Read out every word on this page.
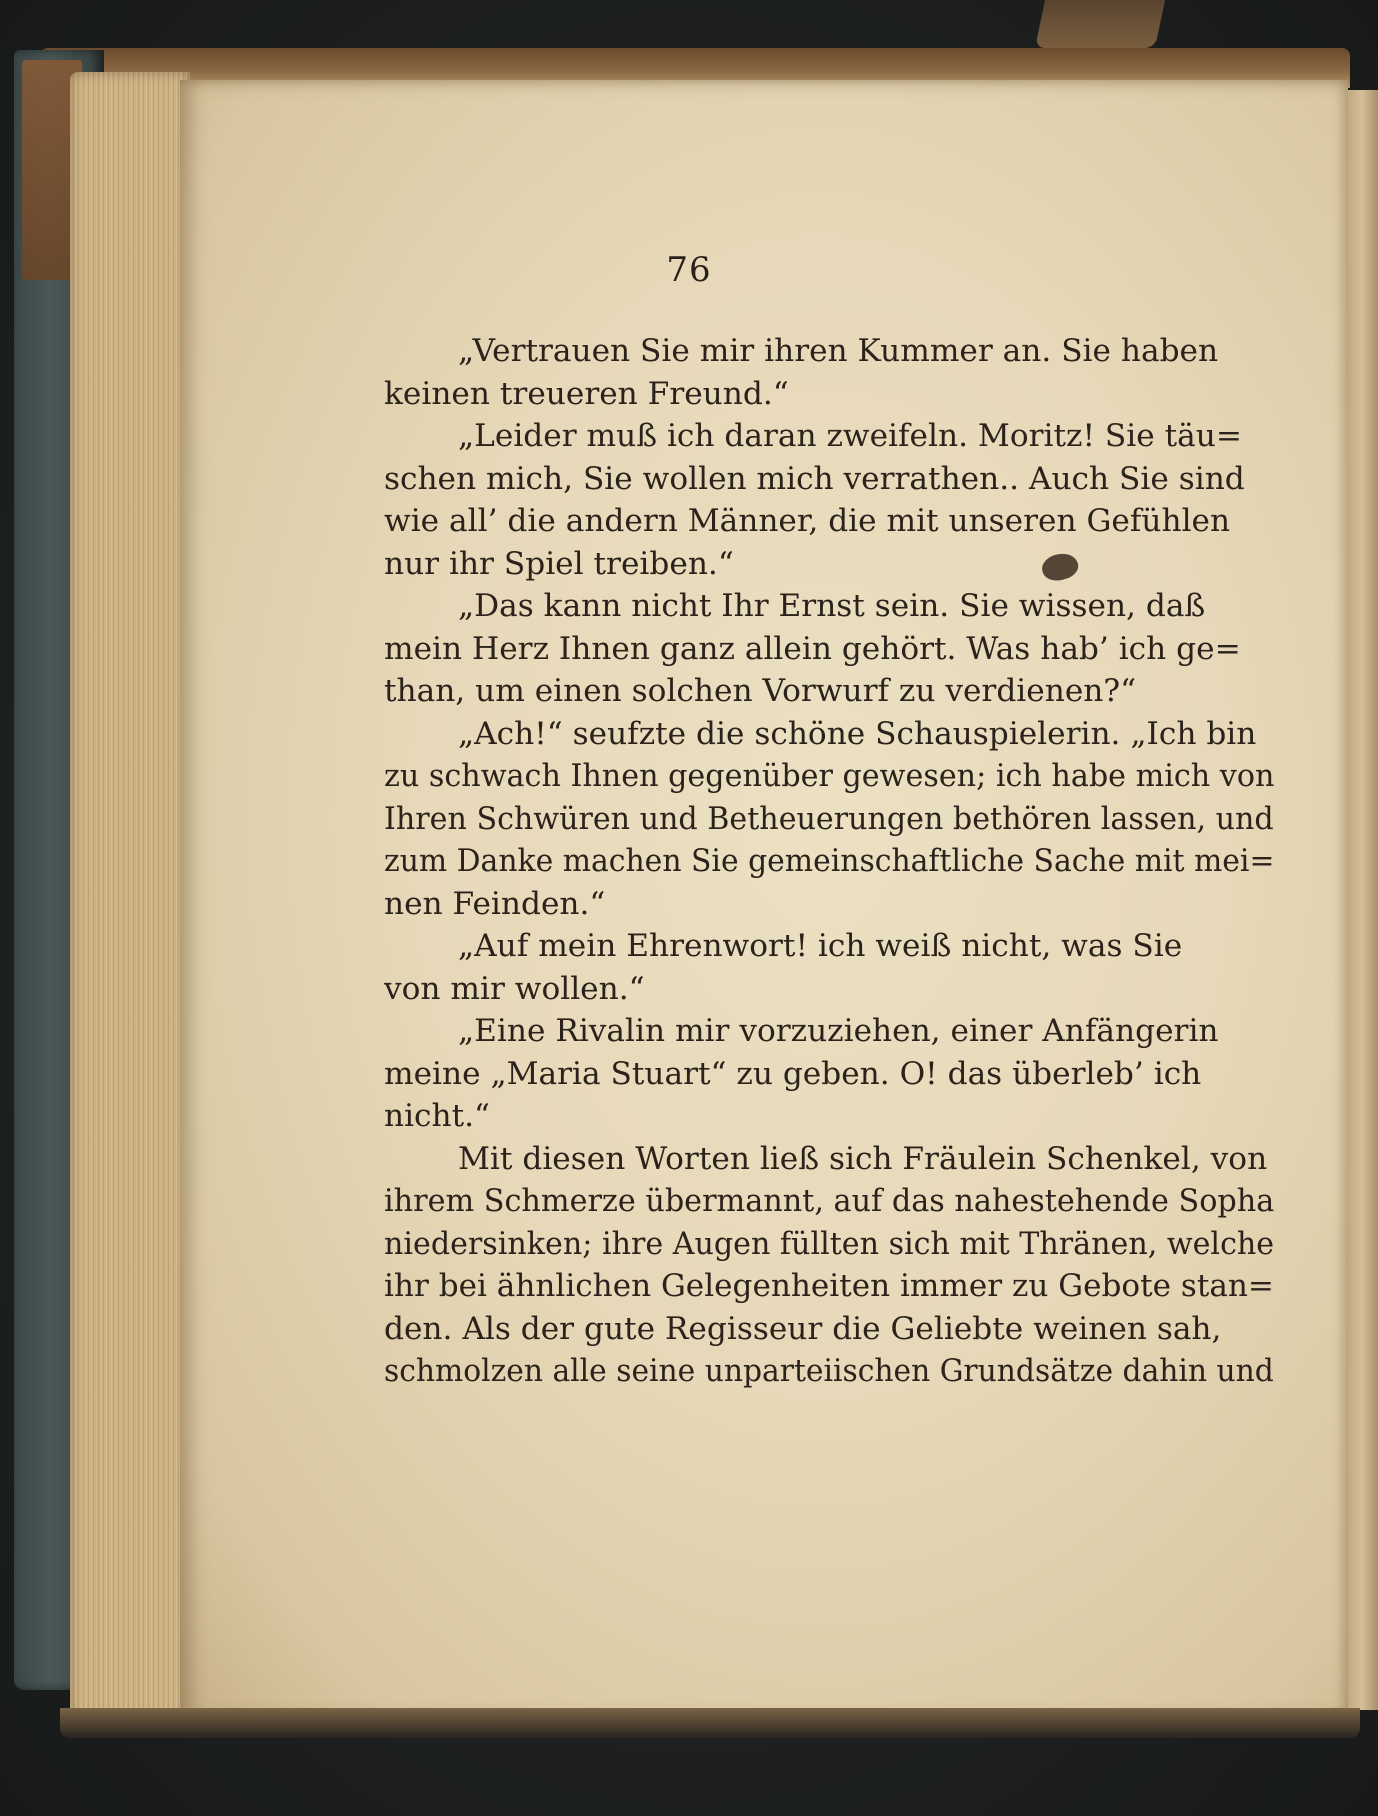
76
„Vertrauen Sie mir ihren Kummer an. Sie haben
keinen treueren Freund.“
„Leider muß ich daran zweifeln. Moritz! Sie täu=
schen mich, Sie wollen mich verrathen.. Auch Sie sind
wie all’ die andern Männer, die mit unseren Gefühlen
nur ihr Spiel treiben.“
„Das kann nicht Ihr Ernst sein. Sie wissen, daß
mein Herz Ihnen ganz allein gehört. Was hab’ ich ge=
than, um einen solchen Vorwurf zu verdienen?“
„Ach!“ seufzte die schöne Schauspielerin. „Ich bin
zu schwach Ihnen gegenüber gewesen; ich habe mich von
Ihren Schwüren und Betheuerungen bethören lassen, und
zum Danke machen Sie gemeinschaftliche Sache mit mei=
nen Feinden.“
„Auf mein Ehrenwort! ich weiß nicht, was Sie
von mir wollen.“
„Eine Rivalin mir vorzuziehen, einer Anfängerin
meine „Maria Stuart“ zu geben. O! das überleb’ ich
nicht.“
Mit diesen Worten ließ sich Fräulein Schenkel, von
ihrem Schmerze übermannt, auf das nahestehende Sopha
niedersinken; ihre Augen füllten sich mit Thränen, welche
ihr bei ähnlichen Gelegenheiten immer zu Gebote stan=
den. Als der gute Regisseur die Geliebte weinen sah,
schmolzen alle seine unparteiischen Grundsätze dahin und
